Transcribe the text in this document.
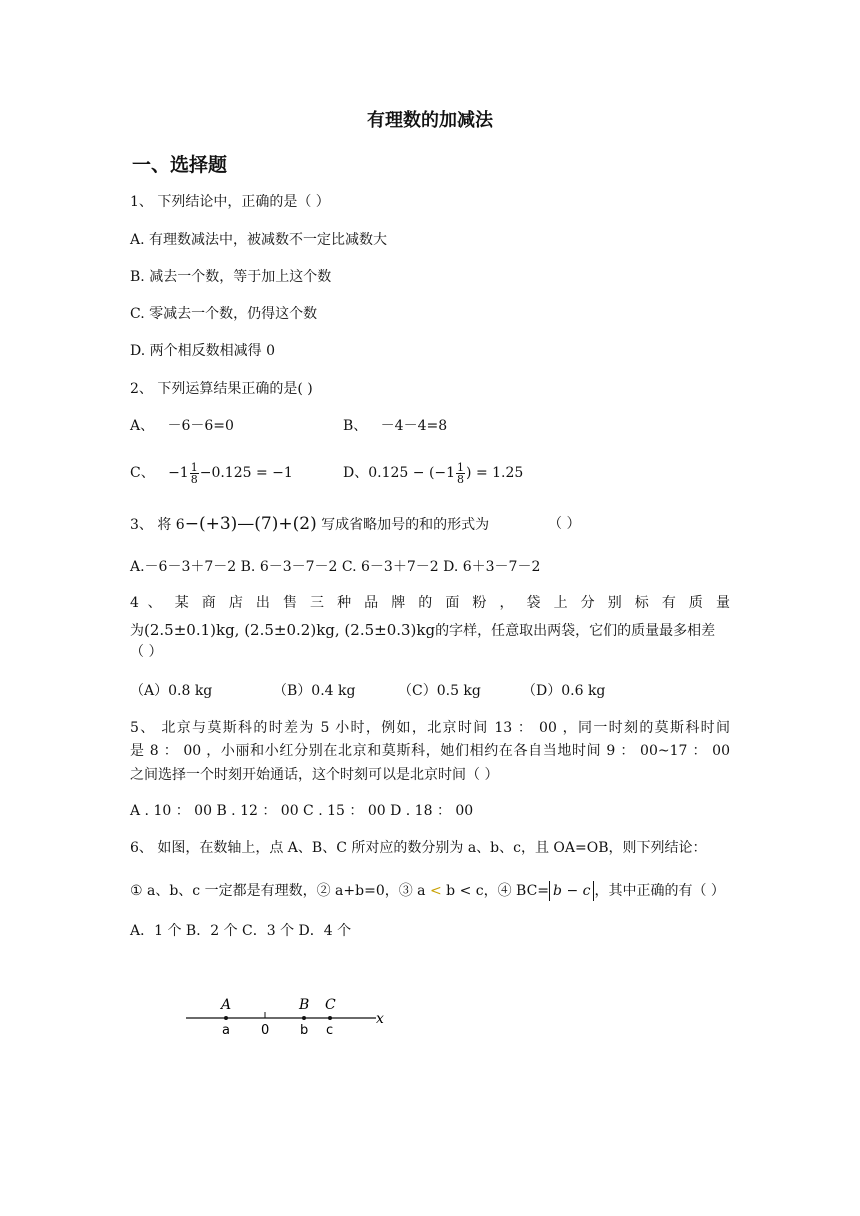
有理数的加减法
一、选择题
1、 下列结论中，正确的是（ ）
A. 有理数减法中，被减数不一定比减数大
B. 减去一个数，等于加上这个数
C. 零减去一个数，仍得这个数
D. 两个相反数相减得 0
2、 下列运算结果正确的是( )
A、 －6－6=0	B、 －4－4=8
C、 $-1 \frac{1}{8} -0.125 = -1$	D、$0.125 - (-1 \frac{1}{8}$ ) = 1.25
3、 将 6−(+3)—(7)+(2) 写成省略加号的和的形式为	（ ）
A.－6－3＋7－2 B. 6－3－7－2 C. 6－3＋7－2 D. 6＋3－7－2
4 、 某 商 店 出 售 三 种 品 牌 的 面 粉 ， 袋 上 分 别 标 有 质 量
为(2.5±0.1)kg, (2.5±0.2)kg, (2.5±0.3)kg的字样，任意取出两袋，它们的质量最多相差
（ ）
（A）0.8 kg	（B）0.4 kg	（C）0.5 kg	（D）0.6 kg
5、 北京与莫斯科的时差为 5 小时，例如，北京时间 13 ： 00 ，同一时刻的莫斯科时间
是 8 ： 00 ，小丽和小红分别在北京和莫斯科，她们相约在各自当地时间 9 ： 00~17 ： 00
之间选择一个时刻开始通话，这个时刻可以是北京时间（ ）
A . 10 ： 00 B . 12 ： 00 C . 15 ： 00 D . 18 ： 00
6、 如图，在数轴上，点 A、B、C 所对应的数分别为 a、b、c，且 OA=OB，则下列结论：
① a、b、c 一定都是有理数，② a+b=0，③ a < b < c，④ BC= b − c ，其中正确的有（ ）
A．1 个 B．2 个 C．3 个 D．4 个
A	B C
a 0 b c
x
